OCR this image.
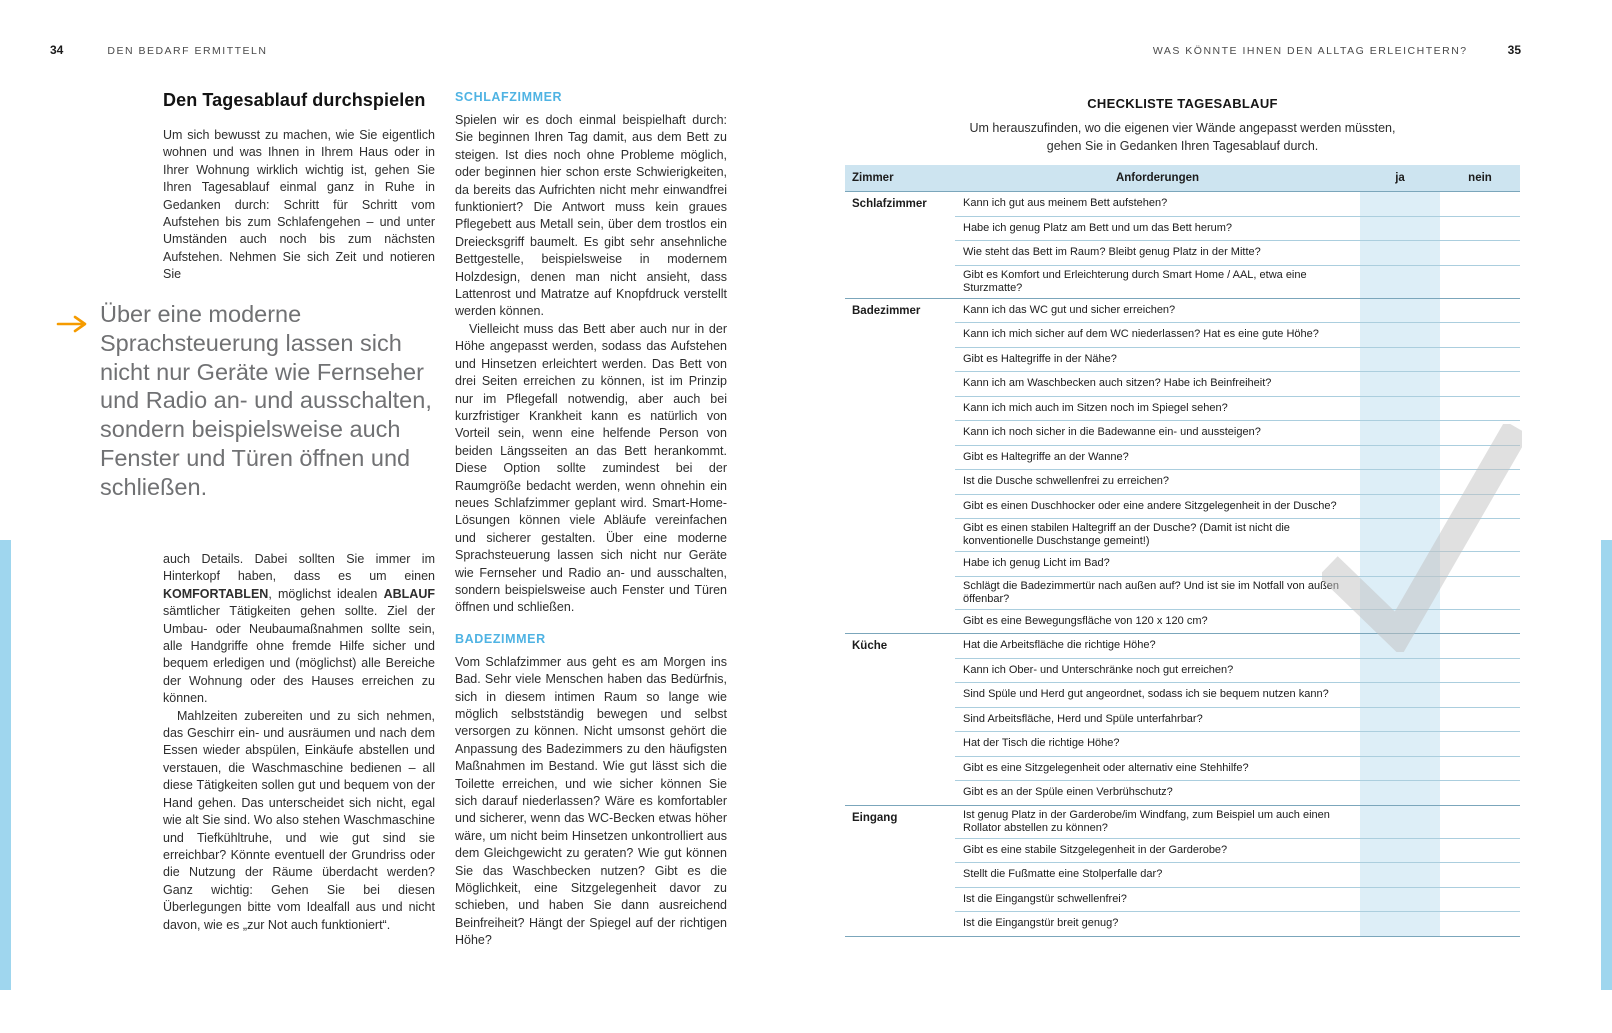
34	DEN BEDARF ERMITTELN	WAS KÖNNTE IHNEN DEN ALLTAG ERLEICHTERN?	35
Den Tagesablauf durchspielen

Um sich bewusst zu machen, wie Sie eigentlich wohnen und was Ihnen in Ihrem Haus oder in Ihrer Wohnung wirklich wichtig ist, gehen Sie Ihren Tagesablauf einmal ganz in Ruhe in Gedanken durch: Schritt für Schritt vom Aufstehen bis zum Schlafengehen – und unter Umständen auch noch bis zum nächsten Aufstehen. Nehmen Sie sich Zeit und notieren Sie

Über eine moderne Sprachsteuerung lassen sich nicht nur Geräte wie Fernseher und Radio an- und ausschalten, sondern beispielsweise auch Fenster und Türen öffnen und schließen.

auch Details. Dabei sollten Sie immer im Hinterkopf haben, dass es um einen KOMFORTABLEN, möglichst idealen ABLAUF sämtlicher Tätigkeiten gehen sollte. Ziel der Umbau- oder Neubaumaßnahmen sollte sein, alle Handgriffe ohne fremde Hilfe sicher und bequem erledigen und (möglichst) alle Bereiche der Wohnung oder des Hauses erreichen zu können.

Mahlzeiten zubereiten und zu sich nehmen, das Geschirr ein- und ausräumen und nach dem Essen wieder abspülen, Einkäufe abstellen und verstauen, die Waschmaschine bedienen – all diese Tätigkeiten sollen gut und bequem von der Hand gehen. Das unterscheidet sich nicht, egal wie alt Sie sind. Wo also stehen Waschmaschine und Tiefkühltruhe, und wie gut sind sie erreichbar? Könnte eventuell der Grundriss oder die Nutzung der Räume überdacht werden? Ganz wichtig: Gehen Sie bei diesen Überlegungen bitte vom Idealfall aus und nicht davon, wie es „zur Not auch funktioniert“.

SCHLAFZIMMER

Spielen wir es doch einmal beispielhaft durch: Sie beginnen Ihren Tag damit, aus dem Bett zu steigen. Ist dies noch ohne Probleme möglich, oder beginnen hier schon erste Schwierigkeiten, da bereits das Aufrichten nicht mehr einwandfrei funktioniert? Die Antwort muss kein graues Pflegebett aus Metall sein, über dem trostlos ein Dreiecksgriff baumelt. Es gibt sehr ansehnliche Bettgestelle, beispielsweise in modernem Holzdesign, denen man nicht ansieht, dass Lattenrost und Matratze auf Knopfdruck verstellt werden können.

Vielleicht muss das Bett aber auch nur in der Höhe angepasst werden, sodass das Aufstehen und Hinsetzen erleichtert werden. Das Bett von drei Seiten erreichen zu können, ist im Prinzip nur im Pflegefall notwendig, aber auch bei kurzfristiger Krankheit kann es natürlich von Vorteil sein, wenn eine helfende Person von beiden Längsseiten an das Bett herankommt. Diese Option sollte zumindest bei der Raumgröße bedacht werden, wenn ohnehin ein neues Schlafzimmer geplant wird. Smart-Home-Lösungen können viele Abläufe vereinfachen und sicherer gestalten. Über eine moderne Sprachsteuerung lassen sich nicht nur Geräte wie Fernseher und Radio an- und ausschalten, sondern beispielsweise auch Fenster und Türen öffnen und schließen.

BADEZIMMER

Vom Schlafzimmer aus geht es am Morgen ins Bad. Sehr viele Menschen haben das Bedürfnis, sich in diesem intimen Raum so lange wie möglich selbstständig bewegen und selbst versorgen zu können. Nicht umsonst gehört die Anpassung des Badezimmers zu den häufigsten Maßnahmen im Bestand. Wie gut lässt sich die Toilette erreichen, und wie sicher können Sie sich darauf niederlassen? Wäre es komfortabler und sicherer, wenn das WC-Becken etwas höher wäre, um nicht beim Hinsetzen unkontrolliert aus dem Gleichgewicht zu geraten? Wie gut können Sie das Waschbecken nutzen? Gibt es die Möglichkeit, eine Sitzgelegenheit davor zu schieben, und haben Sie dann ausreichend Beinfreiheit? Hängt der Spiegel auf der richtigen Höhe?

CHECKLISTE TAGESABLAUF
Um herauszufinden, wo die eigenen vier Wände angepasst werden müssten,
gehen Sie in Gedanken Ihren Tagesablauf durch.
Zimmer	Anforderungen	ja	nein
Schlafzimmer	Kann ich gut aus meinem Bett aufstehen?
Habe ich genug Platz am Bett und um das Bett herum?
Wie steht das Bett im Raum? Bleibt genug Platz in der Mitte?
Gibt es Komfort und Erleichterung durch Smart Home / AAL, etwa eine Sturzmatte?
Badezimmer	Kann ich das WC gut und sicher erreichen?
Kann ich mich sicher auf dem WC niederlassen? Hat es eine gute Höhe?
Gibt es Haltegriffe in der Nähe?
Kann ich am Waschbecken auch sitzen? Habe ich Beinfreiheit?
Kann ich mich auch im Sitzen noch im Spiegel sehen?
Kann ich noch sicher in die Badewanne ein- und aussteigen?
Gibt es Haltegriffe an der Wanne?
Ist die Dusche schwellenfrei zu erreichen?
Gibt es einen Duschhocker oder eine andere Sitzgelegenheit in der Dusche?
Gibt es einen stabilen Haltegriff an der Dusche? (Damit ist nicht die konventionelle Duschstange gemeint!)
Habe ich genug Licht im Bad?
Schlägt die Badezimmertür nach außen auf? Und ist sie im Notfall von außen öffenbar?
Gibt es eine Bewegungsfläche von 120 x 120 cm?
Küche	Hat die Arbeitsfläche die richtige Höhe?
Kann ich Ober- und Unterschränke noch gut erreichen?
Sind Spüle und Herd gut angeordnet, sodass ich sie bequem nutzen kann?
Sind Arbeitsfläche, Herd und Spüle unterfahrbar?
Hat der Tisch die richtige Höhe?
Gibt es eine Sitzgelegenheit oder alternativ eine Stehhilfe?
Gibt es an der Spüle einen Verbrühschutz?
Eingang	Ist genug Platz in der Garderobe/im Windfang, zum Beispiel um auch einen Rollator abstellen zu können?
Gibt es eine stabile Sitzgelegenheit in der Garderobe?
Stellt die Fußmatte eine Stolperfalle dar?
Ist die Eingangstür schwellenfrei?
Ist die Eingangstür breit genug?
